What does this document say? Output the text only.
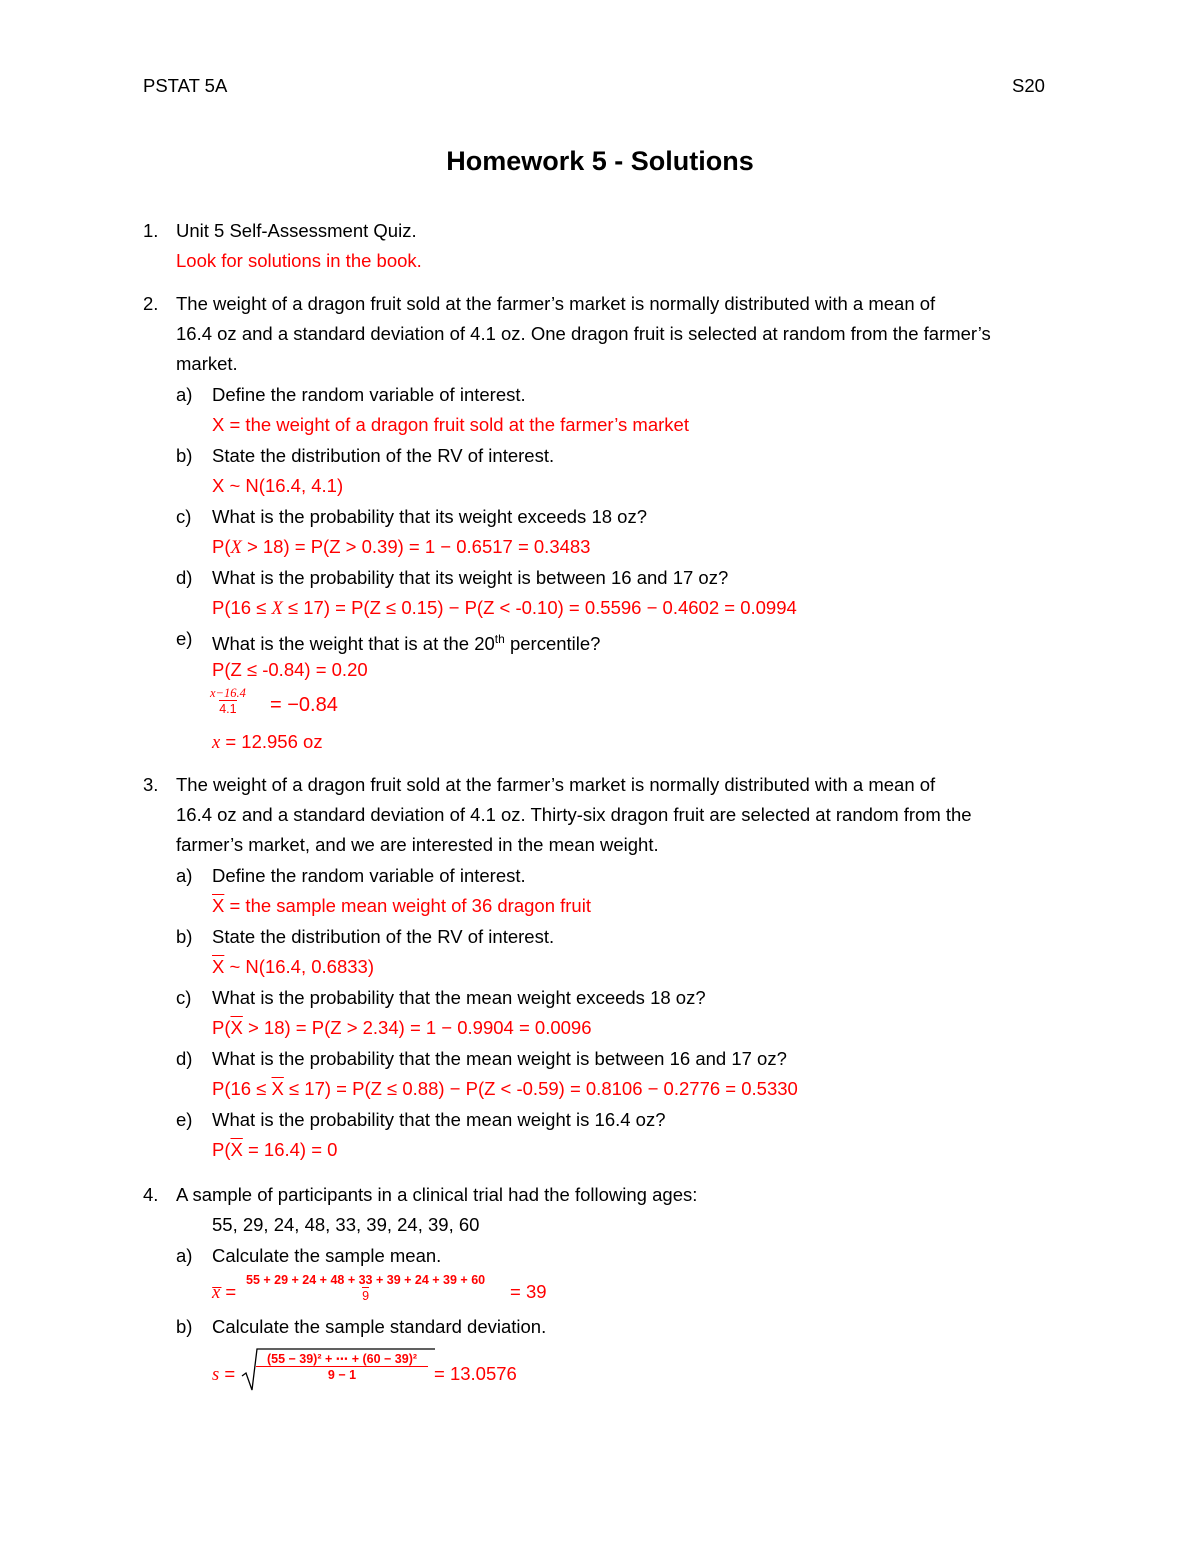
PSTAT 5A	S20
Homework 5 - Solutions
1. Unit 5 Self-Assessment Quiz.
Look for solutions in the book.
2. The weight of a dragon fruit sold at the farmer’s market is normally distributed with a mean of
16.4 oz and a standard deviation of 4.1 oz. One dragon fruit is selected at random from the farmer’s
market.
a) Define the random variable of interest.
X = the weight of a dragon fruit sold at the farmer’s market
b) State the distribution of the RV of interest.
X ~ N(16.4, 4.1)
c) What is the probability that its weight exceeds 18 oz?
P(X > 18) = P(Z > 0.39) = 1 − 0.6517 = 0.3483
d) What is the probability that its weight is between 16 and 17 oz?
P(16 ≤ X ≤ 17) = P(Z ≤ 0.15) − P(Z < -0.10) = 0.5596 − 0.4602 = 0.0994
e) What is the weight that is at the 20th percentile?
P(Z ≤ -0.84) = 0.20
$\frac{x-16.4}{4.1} = -0.84$
x = 12.956 oz
3. The weight of a dragon fruit sold at the farmer’s market is normally distributed with a mean of
16.4 oz and a standard deviation of 4.1 oz. Thirty-six dragon fruit are selected at random from the
farmer’s market, and we are interested in the mean weight.
a) Define the random variable of interest.
$\overline{X}$ = the sample mean weight of 36 dragon fruit
b) State the distribution of the RV of interest.
$\overline{X}$ ~ N(16.4, 0.6833)
c) What is the probability that the mean weight exceeds 18 oz?
$P(\overline{X} > 18) = P(Z > 2.34) = 1 - 0.9904 = 0.0096$
d) What is the probability that the mean weight is between 16 and 17 oz?
$P(16 \le \overline{X} \le 17) = P(Z \le 0.88) - P(Z < -0.59) = 0.8106 - 0.2776 = 0.5330$
e) What is the probability that the mean weight is 16.4 oz?
$P(\overline{X} = 16.4) = 0$
4. A sample of participants in a clinical trial had the following ages:
55, 29, 24, 48, 33, 39, 24, 39, 60
a) Calculate the sample mean.
x̅ = $\frac{55 + 29 + 24 + 48 + 33 + 39 + 24 + 39 + 60}{9} = 39$
b) Calculate the sample standard deviation.
$s = \frac{\text{(55 − 39)² + ⋯ + (60 − 39)²}}{9 - 1} = 13.0576$
